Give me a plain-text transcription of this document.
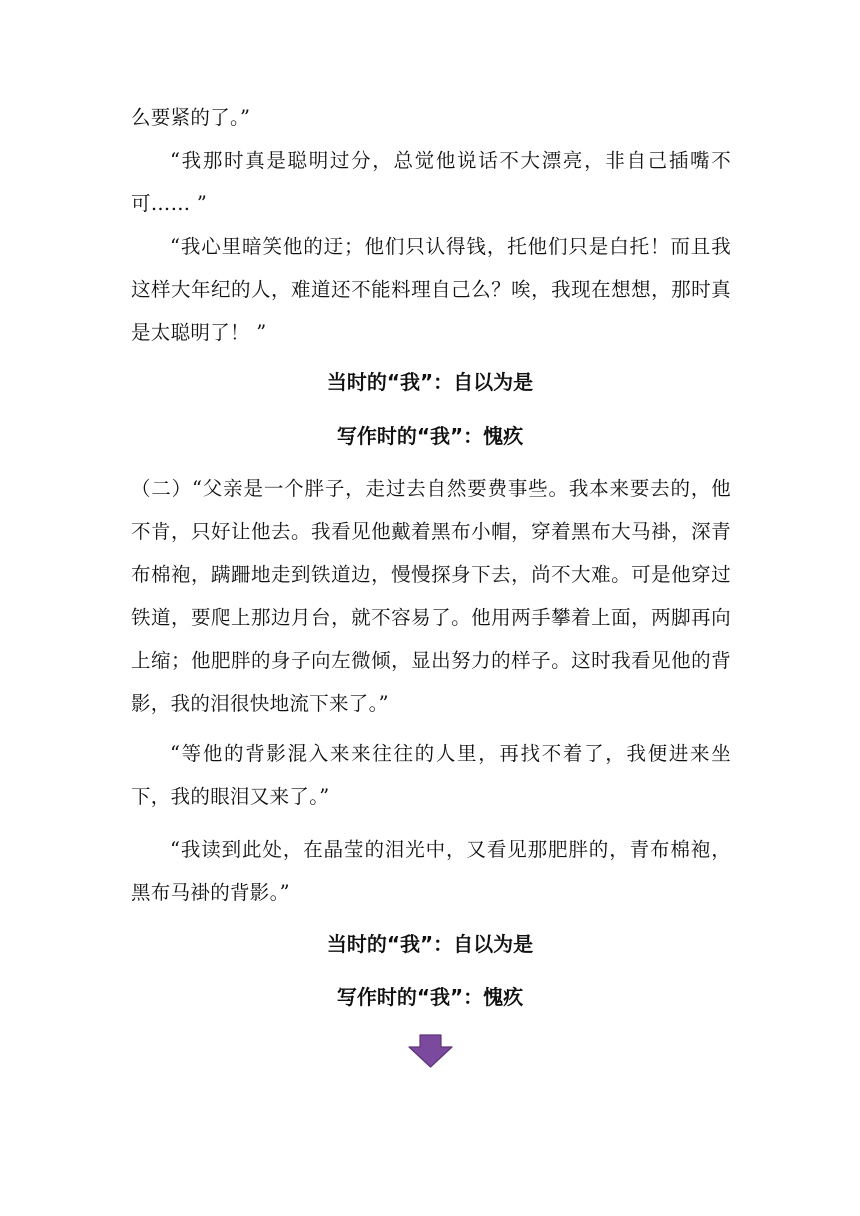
么要紧的了。”

“我那时真是聪明过分，总觉他说话不大漂亮，非自己插嘴不可…… ”

“我心里暗笑他的迂；他们只认得钱，托他们只是白托！而且我这样大年纪的人，难道还不能料理自己么？唉，我现在想想，那时真是太聪明了！ ”

当时的“我”：自以为是

写作时的“我”：愧疚

（二）“父亲是一个胖子，走过去自然要费事些。我本来要去的，他不肯，只好让他去。我看见他戴着黑布小帽，穿着黑布大马褂，深青布棉袍，蹒跚地走到铁道边，慢慢探身下去，尚不大难。可是他穿过铁道，要爬上那边月台，就不容易了。他用两手攀着上面，两脚再向上缩；他肥胖的身子向左微倾，显出努力的样子。这时我看见他的背影，我的泪很快地流下来了。”

“等他的背影混入来来往往的人里，再找不着了，我便进来坐下，我的眼泪又来了。”

“我读到此处，在晶莹的泪光中，又看见那肥胖的，青布棉袍，黑布马褂的背影。”

当时的“我”：自以为是

写作时的“我”：愧疚
